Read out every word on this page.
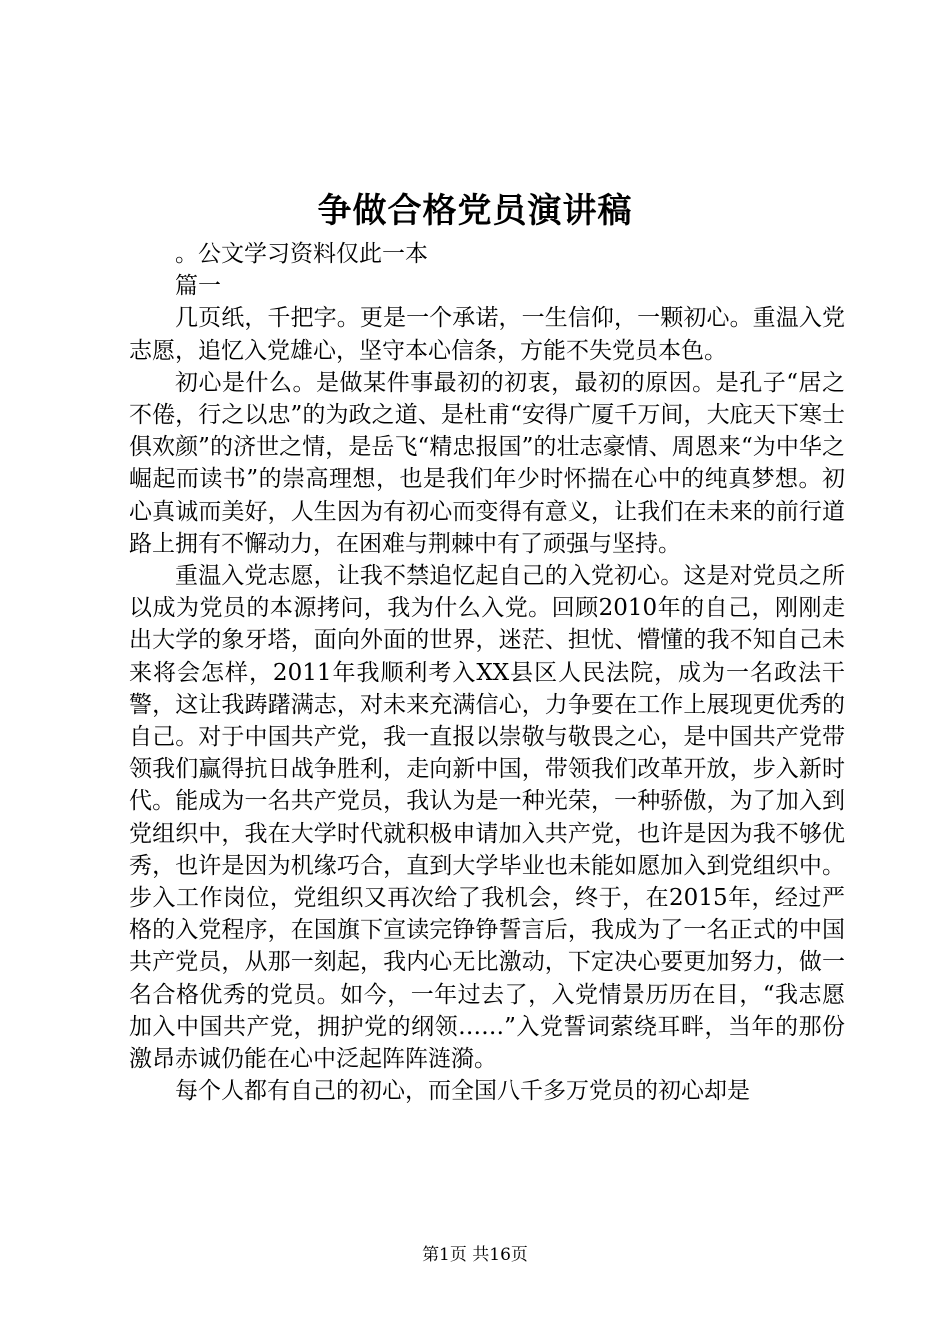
争做合格党员演讲稿

。公文学习资料仅此一本

篇一

几页纸，千把字。更是一个承诺，一生信仰，一颗初心。重温入党志愿，追忆入党雄心，坚守本心信条，方能不失党员本色。

初心是什么。是做某件事最初的初衷，最初的原因。是孔子“居之不倦，行之以忠”的为政之道、是杜甫“安得广厦千万间，大庇天下寒士俱欢颜”的济世之情，是岳飞“精忠报国”的壮志豪情、周恩来“为中华之崛起而读书”的崇高理想，也是我们年少时怀揣在心中的纯真梦想。初心真诚而美好，人生因为有初心而变得有意义，让我们在未来的前行道路上拥有不懈动力，在困难与荆棘中有了顽强与坚持。

重温入党志愿，让我不禁追忆起自己的入党初心。这是对党员之所以成为党员的本源拷问，我为什么入党。回顾2010年的自己，刚刚走出大学的象牙塔，面向外面的世界，迷茫、担忧、懵懂的我不知自己未来将会怎样，2011年我顺利考入XX县区人民法院，成为一名政法干警，这让我踌躇满志，对未来充满信心，力争要在工作上展现更优秀的自己。对于中国共产党，我一直报以崇敬与敬畏之心，是中国共产党带领我们赢得抗日战争胜利，走向新中国，带领我们改革开放，步入新时代。能成为一名共产党员，我认为是一种光荣，一种骄傲，为了加入到党组织中，我在大学时代就积极申请加入共产党，也许是因为我不够优秀，也许是因为机缘巧合，直到大学毕业也未能如愿加入到党组织中。步入工作岗位，党组织又再次给了我机会，终于，在2015年，经过严格的入党程序，在国旗下宣读完铮铮誓言后，我成为了一名正式的中国共产党员，从那一刻起，我内心无比激动，下定决心要更加努力，做一名合格优秀的党员。如今，一年过去了，入党情景历历在目，“我志愿加入中国共产党，拥护党的纲领……”入党誓词萦绕耳畔，当年的那份激昂赤诚仍能在心中泛起阵阵涟漪。

每个人都有自己的初心，而全国八千多万党员的初心却是

第1页 共16页
